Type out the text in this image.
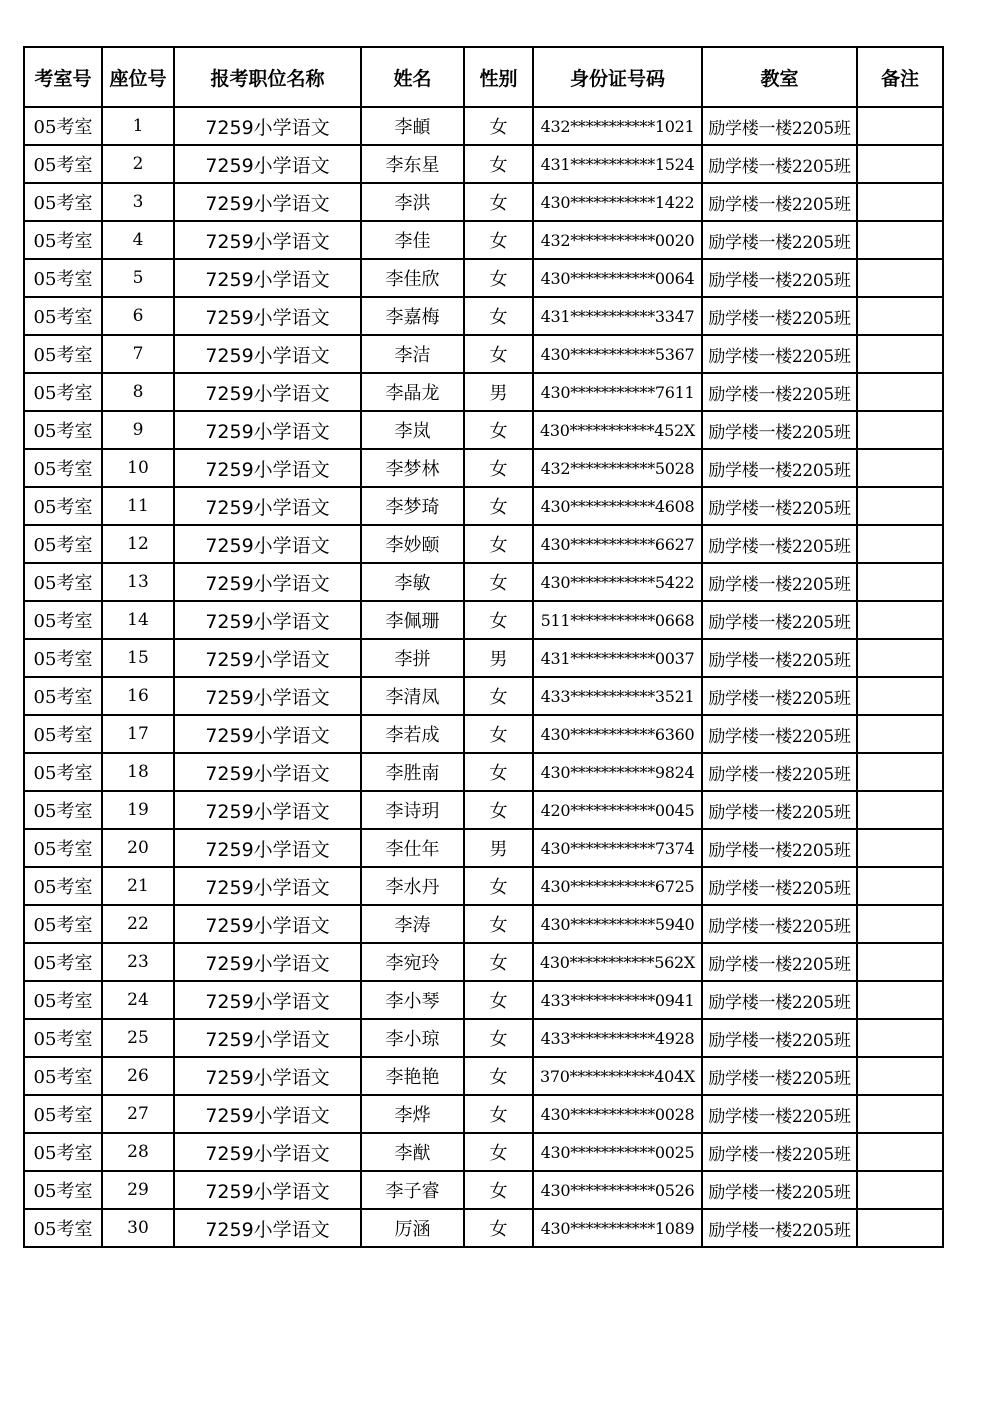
考室号	座位号	报考职位名称	姓名	性别	身份证号码	教室	备注
05考室	1	7259小学语文	李頔	女	432***********1021	励学楼一楼2205班	
05考室	2	7259小学语文	李东星	女	431***********1524	励学楼一楼2205班	
05考室	3	7259小学语文	李洪	女	430***********1422	励学楼一楼2205班	
05考室	4	7259小学语文	李佳	女	432***********0020	励学楼一楼2205班	
05考室	5	7259小学语文	李佳欣	女	430***********0064	励学楼一楼2205班	
05考室	6	7259小学语文	李嘉梅	女	431***********3347	励学楼一楼2205班	
05考室	7	7259小学语文	李洁	女	430***********5367	励学楼一楼2205班	
05考室	8	7259小学语文	李晶龙	男	430***********7611	励学楼一楼2205班	
05考室	9	7259小学语文	李岚	女	430***********452X	励学楼一楼2205班	
05考室	10	7259小学语文	李梦林	女	432***********5028	励学楼一楼2205班	
05考室	11	7259小学语文	李梦琦	女	430***********4608	励学楼一楼2205班	
05考室	12	7259小学语文	李妙颐	女	430***********6627	励学楼一楼2205班	
05考室	13	7259小学语文	李敏	女	430***********5422	励学楼一楼2205班	
05考室	14	7259小学语文	李佩珊	女	511***********0668	励学楼一楼2205班	
05考室	15	7259小学语文	李拼	男	431***********0037	励学楼一楼2205班	
05考室	16	7259小学语文	李清凤	女	433***********3521	励学楼一楼2205班	
05考室	17	7259小学语文	李若成	女	430***********6360	励学楼一楼2205班	
05考室	18	7259小学语文	李胜南	女	430***********9824	励学楼一楼2205班	
05考室	19	7259小学语文	李诗玥	女	420***********0045	励学楼一楼2205班	
05考室	20	7259小学语文	李仕年	男	430***********7374	励学楼一楼2205班	
05考室	21	7259小学语文	李水丹	女	430***********6725	励学楼一楼2205班	
05考室	22	7259小学语文	李涛	女	430***********5940	励学楼一楼2205班	
05考室	23	7259小学语文	李宛玲	女	430***********562X	励学楼一楼2205班	
05考室	24	7259小学语文	李小琴	女	433***********0941	励学楼一楼2205班	
05考室	25	7259小学语文	李小琼	女	433***********4928	励学楼一楼2205班	
05考室	26	7259小学语文	李艳艳	女	370***********404X	励学楼一楼2205班	
05考室	27	7259小学语文	李烨	女	430***********0028	励学楼一楼2205班	
05考室	28	7259小学语文	李猷	女	430***********0025	励学楼一楼2205班	
05考室	29	7259小学语文	李子睿	女	430***********0526	励学楼一楼2205班	
05考室	30	7259小学语文	厉涵	女	430***********1089	励学楼一楼2205班	
